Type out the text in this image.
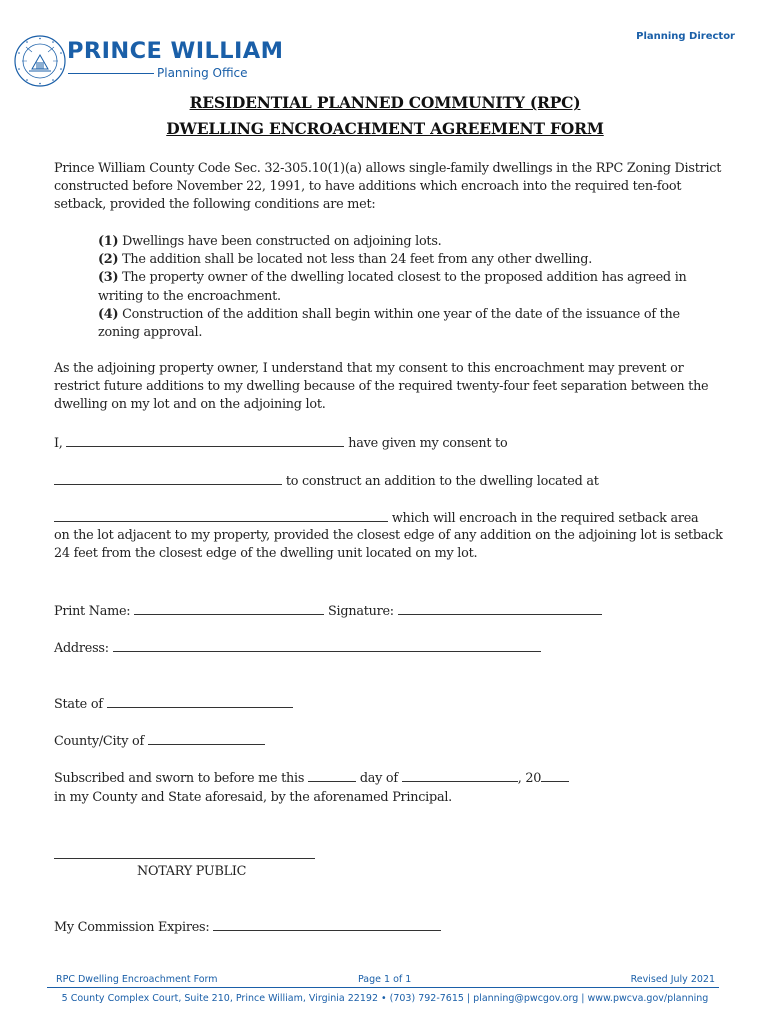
Planning Director
PRINCE WILLIAM
Planning Office
RESIDENTIAL PLANNED COMMUNITY (RPC)
DWELLING ENCROACHMENT AGREEMENT FORM

Prince William County Code Sec. 32-305.10(1)(a) allows single-family dwellings in the RPC Zoning District constructed before November 22, 1991, to have additions which encroach into the required ten-foot setback, provided the following conditions are met:

(1) Dwellings have been constructed on adjoining lots.
(2) The addition shall be located not less than 24 feet from any other dwelling.
(3) The property owner of the dwelling located closest to the proposed addition has agreed in writing to the encroachment.
(4) Construction of the addition shall begin within one year of the date of the issuance of the zoning approval.

As the adjoining property owner, I understand that my consent to this encroachment may prevent or restrict future additions to my dwelling because of the required twenty-four feet separation between the dwelling on my lot and on the adjoining lot.

I,	have given my consent to
to construct an addition to the dwelling located at
which will encroach in the required setback area

on the lot adjacent to my property, provided the closest edge of any addition on the adjoining lot is setback 24 feet from the closest edge of the dwelling unit located on my lot.

Print Name:	Signature:
Address:
State of
County/City of
Subscribed and sworn to before me this	day of	, 20
in my County and State aforesaid, by the aforenamed Principal.
NOTARY PUBLIC
My Commission Expires:
RPC Dwelling Encroachment Form	Page 1 of 1	Revised July 2021
5 County Complex Court, Suite 210, Prince William, Virginia 22192 • (703) 792-7615 | planning@pwcgov.org | www.pwcva.gov/planning
